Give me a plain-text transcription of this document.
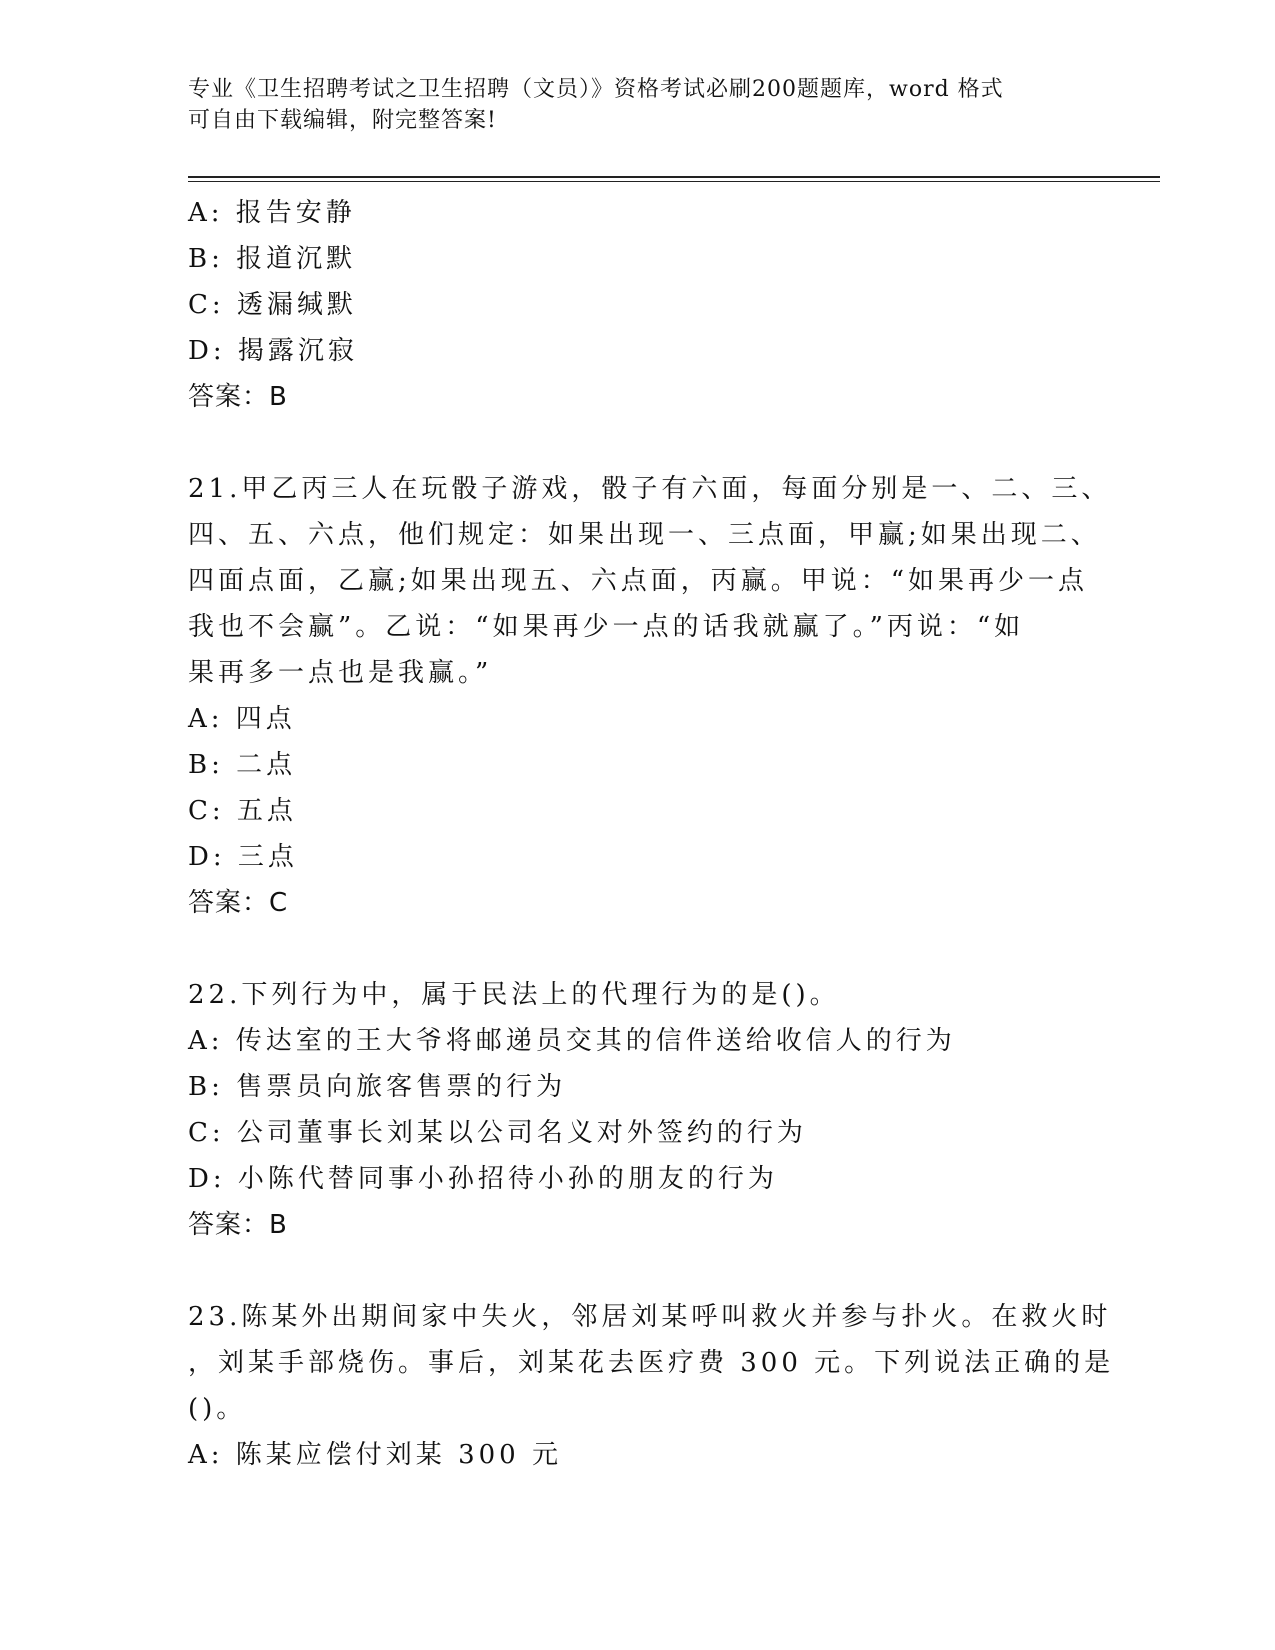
专业《卫生招聘考试之卫生招聘（文员）》资格考试必刷200题题库，word 格式
可自由下载编辑，附完整答案!
A: 报告安静
B: 报道沉默
C: 透漏缄默
D: 揭露沉寂
答案：B
21.甲乙丙三人在玩骰子游戏，骰子有六面，每面分别是一、二、三、
四、五、六点，他们规定：如果出现一、三点面，甲赢;如果出现二、
四面点面，乙赢;如果出现五、六点面，丙赢。甲说：“如果再少一点
我也不会赢”。乙说：“如果再少一点的话我就赢了。”丙说：“如
果再多一点也是我赢。”
A: 四点
B: 二点
C: 五点
D: 三点
答案：C
22.下列行为中，属于民法上的代理行为的是()。
A: 传达室的王大爷将邮递员交其的信件送给收信人的行为
B: 售票员向旅客售票的行为
C: 公司董事长刘某以公司名义对外签约的行为
D: 小陈代替同事小孙招待小孙的朋友的行为
答案：B
23.陈某外出期间家中失火，邻居刘某呼叫救火并参与扑火。在救火时
，刘某手部烧伤。事后，刘某花去医疗费 300 元。下列说法正确的是
()。
A: 陈某应偿付刘某 300 元
